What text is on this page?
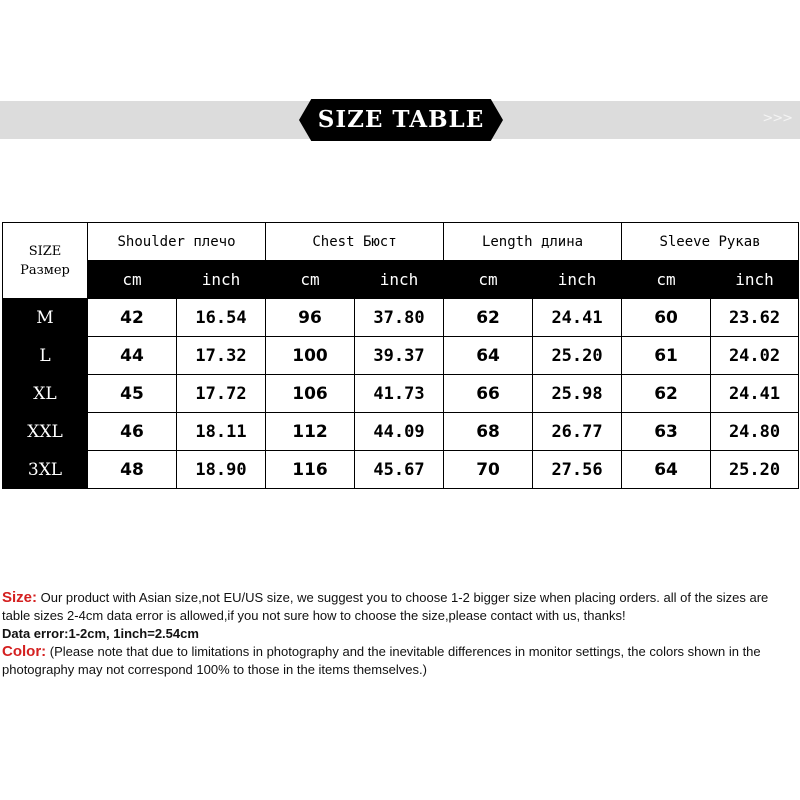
SIZE TABLE	>>>
SIZE
Размер	Shoulder плечо		Chest Бюст		Length длина		Sleeve Рукав	
	cm	inch	cm	inch	cm	inch	cm	inch
M	42	16.54	96	37.80	62	24.41	60	23.62
L	44	17.32	100	39.37	64	25.20	61	24.02
XL	45	17.72	106	41.73	66	25.98	62	24.41
XXL	46	18.11	112	44.09	68	26.77	63	24.80
3XL	48	18.90	116	45.67	70	27.56	64	25.20

Size: Our product with Asian size,not EU/US size, we suggest you to choose 1-2 bigger size when placing orders. all of the sizes are table sizes 2-4cm data error is allowed,if you not sure how to choose the size,please contact with us, thanks!

Data error:1-2cm, 1inch=2.54cm

Color: (Please note that due to limitations in photography and the inevitable differences in monitor settings, the colors shown in the photography may not correspond 100% to those in the items themselves.)
